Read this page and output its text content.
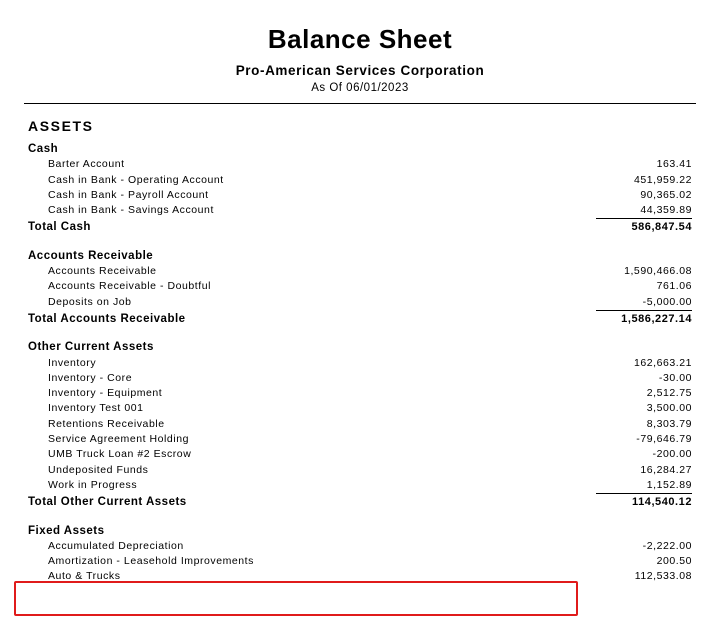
Balance Sheet
Pro-American Services Corporation
As Of 06/01/2023
ASSETS
Cash	
Barter Account	163.41
Cash in Bank - Operating Account	451,959.22
Cash in Bank - Payroll Account	90,365.02
Cash in Bank - Savings Account	44,359.89
Total Cash	586,847.54

Accounts Receivable	
Accounts Receivable	1,590,466.08
Accounts Receivable - Doubtful	761.06
Deposits on Job	-5,000.00
Total Accounts Receivable	1,586,227.14

Other Current Assets	
Inventory	162,663.21
Inventory - Core	-30.00
Inventory - Equipment	2,512.75
Inventory Test 001	3,500.00
Retentions Receivable	8,303.79
Service Agreement Holding	-79,646.79
UMB Truck Loan #2 Escrow	-200.00
Undeposited Funds	16,284.27
Work in Progress	1,152.89
Total Other Current Assets	114,540.12

Fixed Assets	
Accumulated Depreciation	-2,222.00
Amortization - Leasehold Improvements	200.50
Auto & Trucks	112,533.08
